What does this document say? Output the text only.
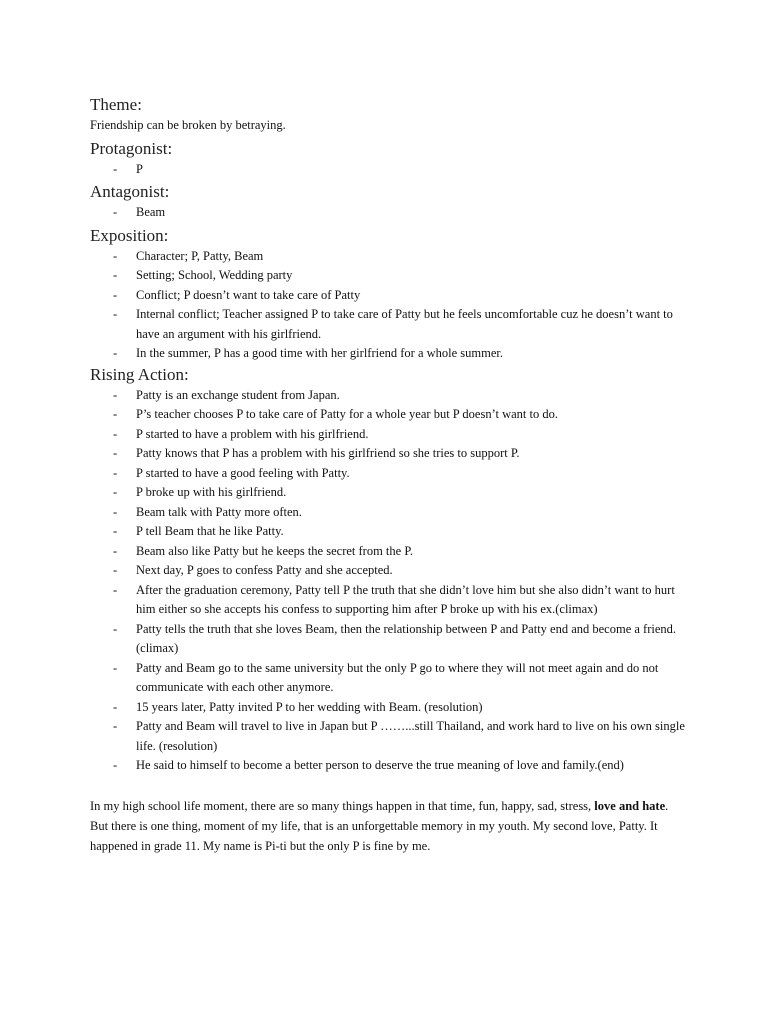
Theme:

Friendship can be broken by betraying.

Protagonist:

- P

Antagonist:

- Beam

Exposition:

- Character; P, Patty, Beam
- Setting; School, Wedding party
- Conflict; P doesn’t want to take care of Patty
- Internal conflict; Teacher assigned P to take care of Patty but he feels uncomfortable cuz he doesn’t want to have an argument with his girlfriend.
- In the summer, P has a good time with her girlfriend for a whole summer.

Rising Action:

- Patty is an exchange student from Japan.
- P’s teacher chooses P to take care of Patty for a whole year but P doesn’t want to do.
- P started to have a problem with his girlfriend.
- Patty knows that P has a problem with his girlfriend so she tries to support P.
- P started to have a good feeling with Patty.
- P broke up with his girlfriend.
- Beam talk with Patty more often.
- P tell Beam that he like Patty.
- Beam also like Patty but he keeps the secret from the P.
- Next day, P goes to confess Patty and she accepted.
- After the graduation ceremony, Patty tell P the truth that she didn’t love him but she also didn’t want to hurt him either so she accepts his confess to supporting him after P broke up with his ex.(climax)
- Patty tells the truth that she loves Beam, then the relationship between P and Patty end and become a friend. (climax)
- Patty and Beam go to the same university but the only P go to where they will not meet again and do not communicate with each other anymore.
- 15 years later, Patty invited P to her wedding with Beam. (resolution)
- Patty and Beam will travel to live in Japan but P ……...still Thailand, and work hard to live on his own single life. (resolution)
- He said to himself to become a better person to deserve the true meaning of love and family.(end)

In my high school life moment, there are so many things happen in that time, fun, happy, sad, stress, love and hate. But there is one thing, moment of my life, that is an unforgettable memory in my youth. My second love, Patty. It happened in grade 11. My name is Pi-ti but the only P is fine by me.
